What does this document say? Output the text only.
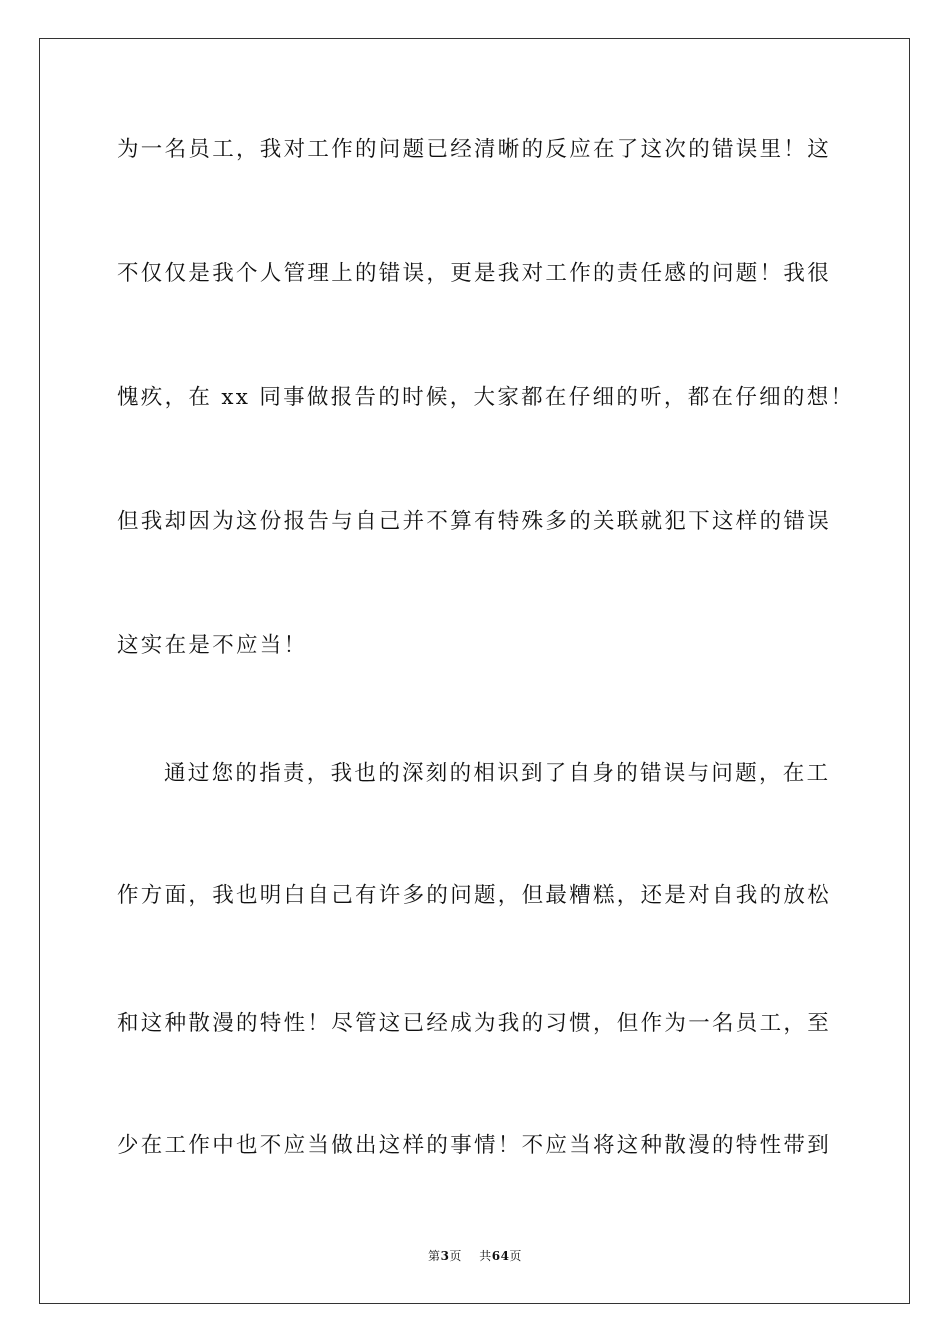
为一名员工，我对工作的问题已经清晰的反应在了这次的错误里！这
不仅仅是我个人管理上的错误，更是我对工作的责任感的问题！我很
愧疚，在 xx 同事做报告的时候，大家都在仔细的听，都在仔细的想！
但我却因为这份报告与自己并不算有特殊多的关联就犯下这样的错误
这实在是不应当！
通过您的指责，我也的深刻的相识到了自身的错误与问题，在工
作方面，我也明白自己有许多的问题，但最糟糕，还是对自我的放松
和这种散漫的特性！尽管这已经成为我的习惯，但作为一名员工，至
少在工作中也不应当做出这样的事情！不应当将这种散漫的特性带到
第3页 共64页
